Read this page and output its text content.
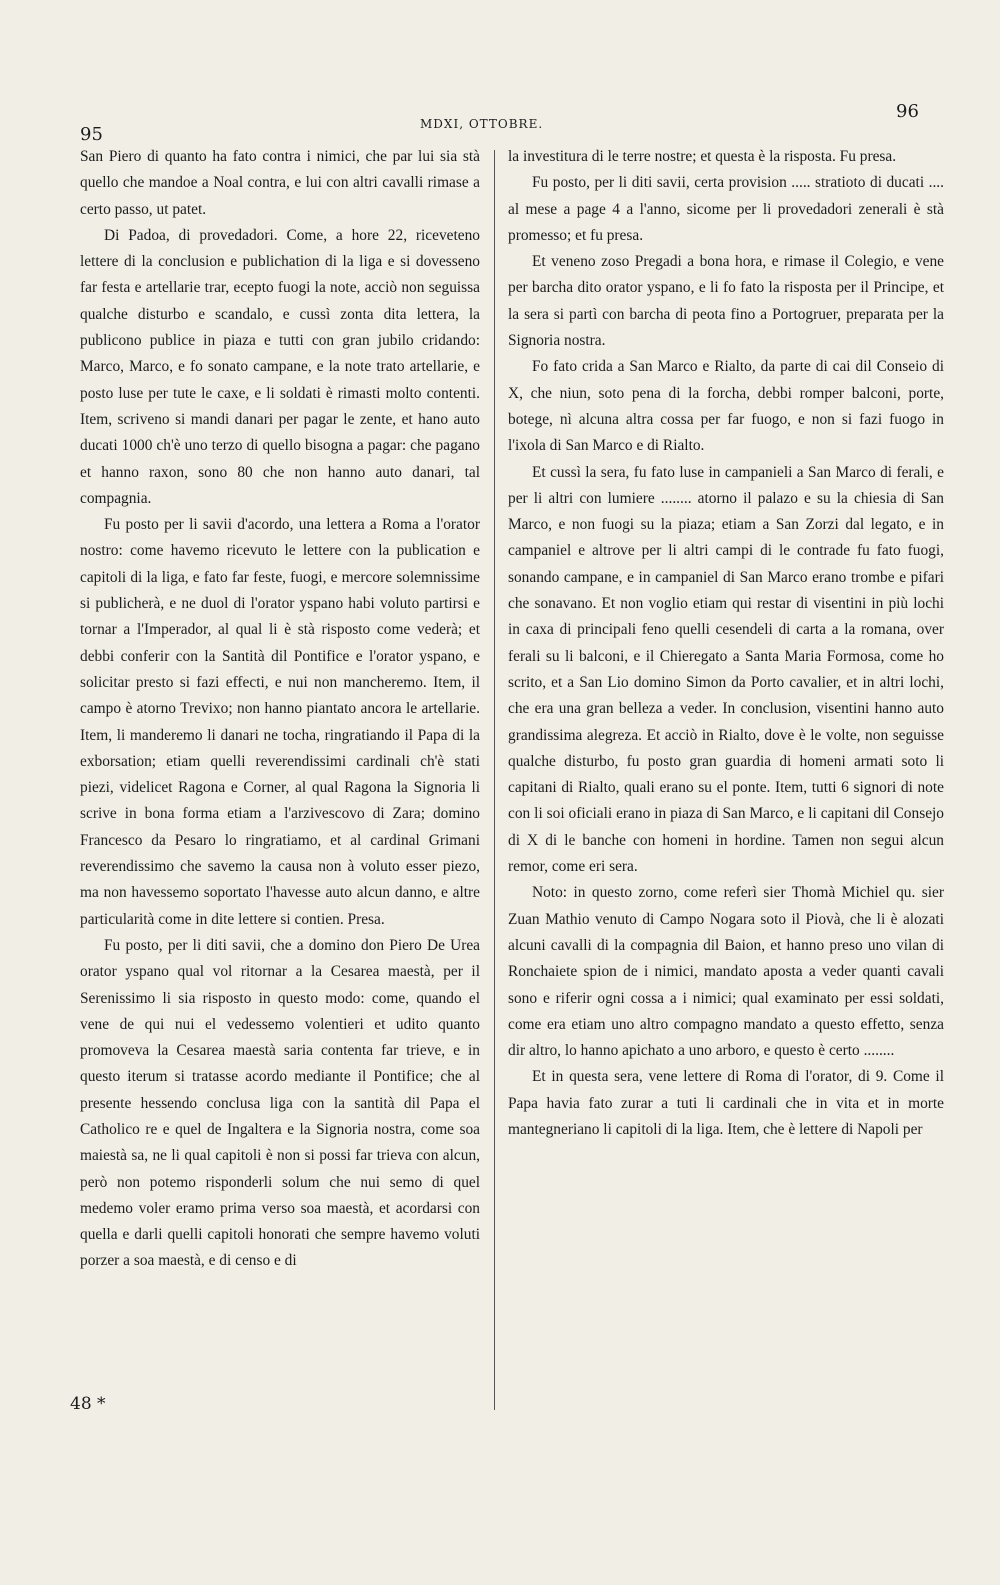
95	MDXI, OTTOBRE.
96

San Piero di quanto ha fato contra i nimici, che par lui sia stà quello che mandoe a Noal contra, e lui con altri cavalli rimase a certo passo, ut patet.

Di Padoa, di provedadori. Come, a hore 22, riceveteno lettere di la conclusion e publichation di la liga e si dovesseno far festa e artellarie trar, ecepto fuogi la note, acciò non seguissa qualche disturbo e scandalo, e cussì zonta dita lettera, la publicono publice in piaza e tutti con gran jubilo cridando: Marco, Marco, e fo sonato campane, e la note trato artellarie, e posto luse per tute le caxe, e li soldati è rimasti molto contenti. Item, scriveno si mandi danari per pagar le zente, et hano auto ducati 1000 ch'è uno terzo di quello bisogna a pagar: che pagano et hanno raxon, sono 80 che non hanno auto danari, tal compagnia.

Fu posto per li savii d'acordo, una lettera a Roma a l'orator nostro: come havemo ricevuto le lettere con la publication e capitoli di la liga, e fato far feste, fuogi, e mercore solemnissime si publicherà, e ne duol di l'orator yspano habi voluto partirsi e tornar a l'Imperador, al qual li è stà risposto come vederà; et debbi conferir con la Santità dil Pontifice e l'orator yspano, e solicitar presto si fazi effecti, e nui non mancheremo. Item, il campo è atorno Trevixo; non hanno piantato ancora le artellarie. Item, li manderemo li danari ne tocha, ringratiando il Papa di la exborsation; etiam quelli reverendissimi cardinali ch'è stati piezi, videlicet Ragona e Corner, al qual Ragona la Signoria li scrive in bona forma etiam a l'arzivescovo di Zara; domino Francesco da Pesaro lo ringratiamo, et al cardinal Grimani reverendissimo che savemo la causa non à voluto esser piezo, ma non havessemo soportato l'havesse auto alcun danno, e altre particularità come in dite lettere si contien. Presa.

Fu posto, per li diti savii, che a domino don Piero De Urea orator yspano qual vol ritornar a la Cesarea maestà, per il Serenissimo li sia risposto in questo modo: come, quando el vene de qui nui el vedessemo volentieri et udito quanto promoveva la Cesarea maestà saria contenta far trieve, e in questo iterum si tratasse acordo mediante il Pontifice; che al presente hessendo conclusa liga con la santità dil Papa el Catholico re e quel de Ingaltera e la Signoria nostra, come soa maiestà sa, ne li qual capitoli è non si possi far trieva con alcun, però non potemo risponderli solum che nui semo di quel medemo voler eramo prima verso soa maestà, et acordarsi con quella e darli quelli capitoli honorati che sempre havemo voluti porzer a soa maestà, e di censo e di

la investitura di le terre nostre; et questa è la risposta. Fu presa.

Fu posto, per li diti savii, certa provision ..... stratioto di ducati .... al mese a page 4 a l'anno, sicome per li provedadori zenerali è stà promesso; et fu presa.

Et veneno zoso Pregadi a bona hora, e rimase il Colegio, e vene per barcha dito orator yspano, e li fo fato la risposta per il Principe, et la sera si partì con barcha di peota fino a Portogruer, preparata per la Signoria nostra.

Fo fato crida a San Marco e Rialto, da parte di cai dil Conseio di X, che niun, soto pena di la forcha, debbi romper balconi, porte, botege, nì alcuna altra cossa per far fuogo, e non si fazi fuogo in l'ixola di San Marco e di Rialto.

Et cussì la sera, fu fato luse in campanieli a San Marco di ferali, e per li altri con lumiere ........ atorno il palazo e su la chiesia di San Marco, e non fuogi su la piaza; etiam a San Zorzi dal legato, e in campaniel e altrove per li altri campi di le contrade fu fato fuogi, sonando campane, e in campaniel di San Marco erano trombe e pifari che sonavano. Et non voglio etiam qui restar di visentini in più lochi in caxa di principali feno quelli cesendeli di carta a la romana, over ferali su li balconi, e il Chieregato a Santa Maria Formosa, come ho scrito, et a San Lio domino Simon da Porto cavalier, et in altri lochi, che era una gran belleza a veder. In conclusion, visentini hanno auto grandissima alegreza. Et acciò in Rialto, dove è le volte, non seguisse qualche disturbo, fu posto gran guardia di homeni armati soto li capitani di Rialto, quali erano su el ponte. Item, tutti 6 signori di note con li soi oficiali erano in piaza di San Marco, e li capitani dil Consejo di X di le banche con homeni in hordine. Tamen non segui alcun remor, come eri sera.

Noto: in questo zorno, come referì sier Thomà Michiel qu. sier Zuan Mathio venuto di Campo Nogara soto il Piovà, che li è alozati alcuni cavalli di la compagnia dil Baion, et hanno preso uno vilan di Ronchaiete spion de i nimici, mandato aposta a veder quanti cavali sono e riferir ogni cossa a i nimici; qual examinato per essi soldati, come era etiam uno altro compagno mandato a questo effetto, senza dir altro, lo hanno apichato a uno arboro, e questo è certo ........

Et in questa sera, vene lettere di Roma di l'orator, di 9. Come il Papa havia fato zurar a tuti li cardinali che in vita et in morte mantegneriano li capitoli di la liga. Item, che è lettere di Napoli per

48 *
